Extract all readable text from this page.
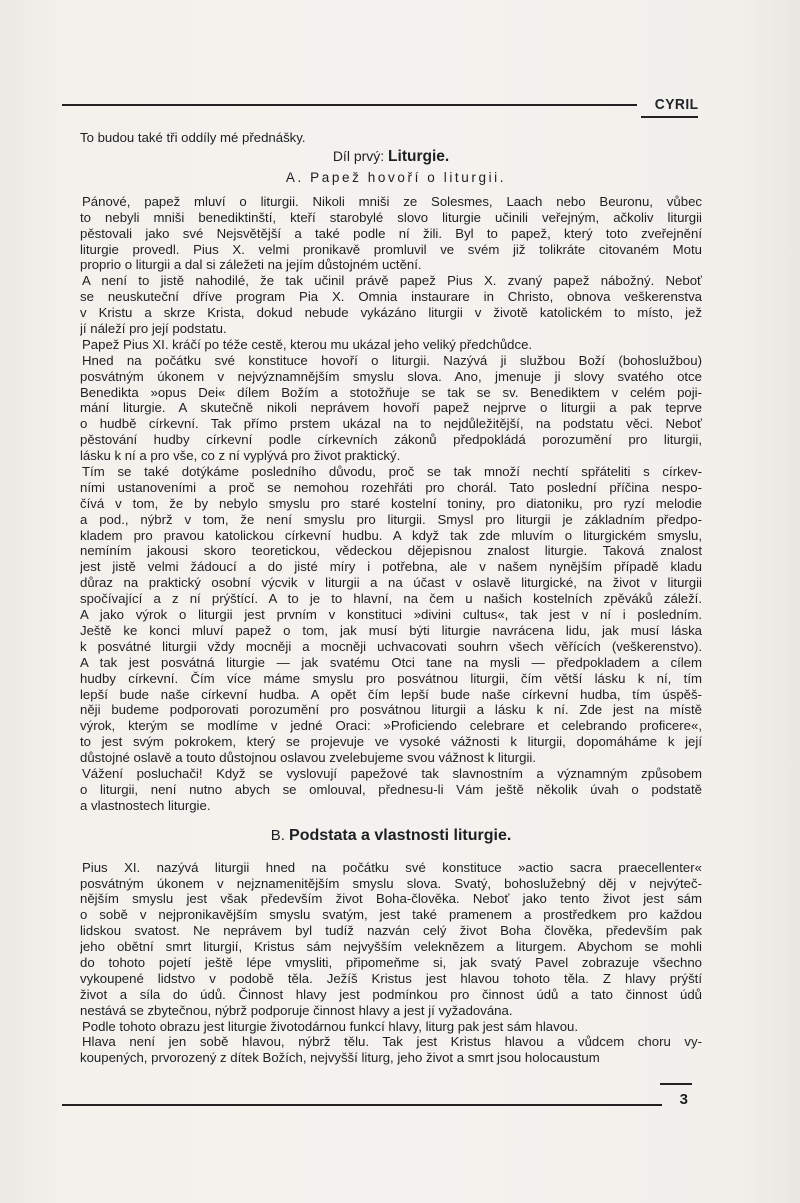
CYRIL
To budou také tři oddíly mé přednášky.
Díl prvý: Liturgie.
A. Papež hovoří o liturgii.
Pánové, papež mluví o liturgii. Nikoli mniši ze Solesmes, Laach nebo Beuronu, vůbec
to nebyli mniši benediktinští, kteří starobylé slovo liturgie učinili veřejným, ačkoliv liturgii
pěstovali jako své Nejsvětější a také podle ní žili. Byl to papež, který toto zveřejnění
liturgie provedl. Pius X. velmi pronikavě promluvil ve svém již tolikráte citovaném Motu
proprio o liturgii a dal si záležeti na jejím důstojném uctění.
A není to jistě nahodilé, že tak učinil právě papež Pius X. zvaný papež nábožný. Neboť
se neuskuteční dříve program Pia X. Omnia instaurare in Christo, obnova veškerenstva
v Kristu a skrze Krista, dokud nebude vykázáno liturgii v životě katolickém to místo, jež
jí náleží pro její podstatu.
Papež Pius XI. kráčí po téže cestě, kterou mu ukázal jeho veliký předchůdce.
Hned na počátku své konstituce hovoří o liturgii. Nazývá ji službou Boží (bohoslužbou)
posvátným úkonem v nejvýznamnějším smyslu slova. Ano, jmenuje ji slovy svatého otce
Benedikta »opus Dei« dílem Božím a stotožňuje se tak se sv. Benediktem v celém poji-
mání liturgie. A skutečně nikoli neprávem hovoří papež nejprve o liturgii a pak teprve
o hudbě církevní. Tak přímo prstem ukázal na to nejdůležitější, na podstatu věci. Neboť
pěstování hudby církevní podle církevních zákonů předpokládá porozumění pro liturgii,
lásku k ní a pro vše, co z ní vyplývá pro život praktický.
Tím se také dotýkáme posledního důvodu, proč se tak množí nechtí spřáteliti s církev-
ními ustanoveními a proč se nemohou rozehřáti pro chorál. Tato poslední příčina nespo-
čívá v tom, že by nebylo smyslu pro staré kostelní toniny, pro diatoniku, pro ryzí melodie
a pod., nýbrž v tom, že není smyslu pro liturgii. Smysl pro liturgii je základním předpo-
kladem pro pravou katolickou církevní hudbu. A když tak zde mluvím o liturgickém smyslu,
nemíním jakousi skoro teoretickou, vědeckou dějepisnou znalost liturgie. Taková znalost
jest jistě velmi žádoucí a do jisté míry i potřebna, ale v našem nynějším případě kladu
důraz na praktický osobní výcvik v liturgii a na účast v oslavě liturgické, na život v liturgii
spočívající a z ní prýštící. A to je to hlavní, na čem u našich kostelních zpěváků záleží.
A jako výrok o liturgii jest prvním v konstituci »divini cultus«, tak jest v ní i posledním.
Ještě ke konci mluví papež o tom, jak musí býti liturgie navrácena lidu, jak musí láska
k posvátné liturgii vždy mocněji a mocněji uchvacovati souhrn všech věřících (veškerenstvo).
A tak jest posvátná liturgie — jak svatému Otci tane na mysli — předpokladem a cílem
hudby církevní. Čím více máme smyslu pro posvátnou liturgii, čím větší lásku k ní, tím
lepší bude naše církevní hudba. A opět čím lepší bude naše církevní hudba, tím úspěš-
něji budeme podporovati porozumění pro posvátnou liturgii a lásku k ní. Zde jest na místě
výrok, kterým se modlíme v jedné Oraci: »Proficiendo celebrare et celebrando proficere«,
to jest svým pokrokem, který se projevuje ve vysoké vážnosti k liturgii, dopomáháme k její
důstojné oslavě a touto důstojnou oslavou zvelebujeme svou vážnost k liturgii.
Vážení posluchači! Když se vyslovují papežové tak slavnostním a významným způsobem
o liturgii, není nutno abych se omlouval, přednesu-li Vám ještě několik úvah o podstatě
a vlastnostech liturgie.
B. Podstata a vlastnosti liturgie.
Pius XI. nazývá liturgii hned na počátku své konstituce »actio sacra praecellenter«
posvátným úkonem v nejznamenitějším smyslu slova. Svatý, bohoslužebný děj v nejvýteč-
nějším smyslu jest však především život Boha-člověka. Neboť jako tento život jest sám
o sobě v nejpronikavějším smyslu svatým, jest také pramenem a prostředkem pro každou
lidskou svatost. Ne neprávem byl tudíž nazván celý život Boha člověka, především pak
jeho obětní smrt liturgií, Kristus sám nejvyšším veleknězem a liturgem. Abychom se mohli
do tohoto pojetí ještě lépe vmysliti, připomeňme si, jak svatý Pavel zobrazuje všechno
vykoupené lidstvo v podobě těla. Ježíš Kristus jest hlavou tohoto těla. Z hlavy prýští
život a síla do údů. Činnost hlavy jest podmínkou pro činnost údů a tato činnost údů
nestává se zbytečnou, nýbrž podporuje činnost hlavy a jest jí vyžadována.
Podle tohoto obrazu jest liturgie životodárnou funkcí hlavy, liturg pak jest sám hlavou.
Hlava není jen sobě hlavou, nýbrž tělu. Tak jest Kristus hlavou a vůdcem choru vy-
koupených, prvorozený z dítek Božích, nejvyšší liturg, jeho život a smrt jsou holocaustum
3
